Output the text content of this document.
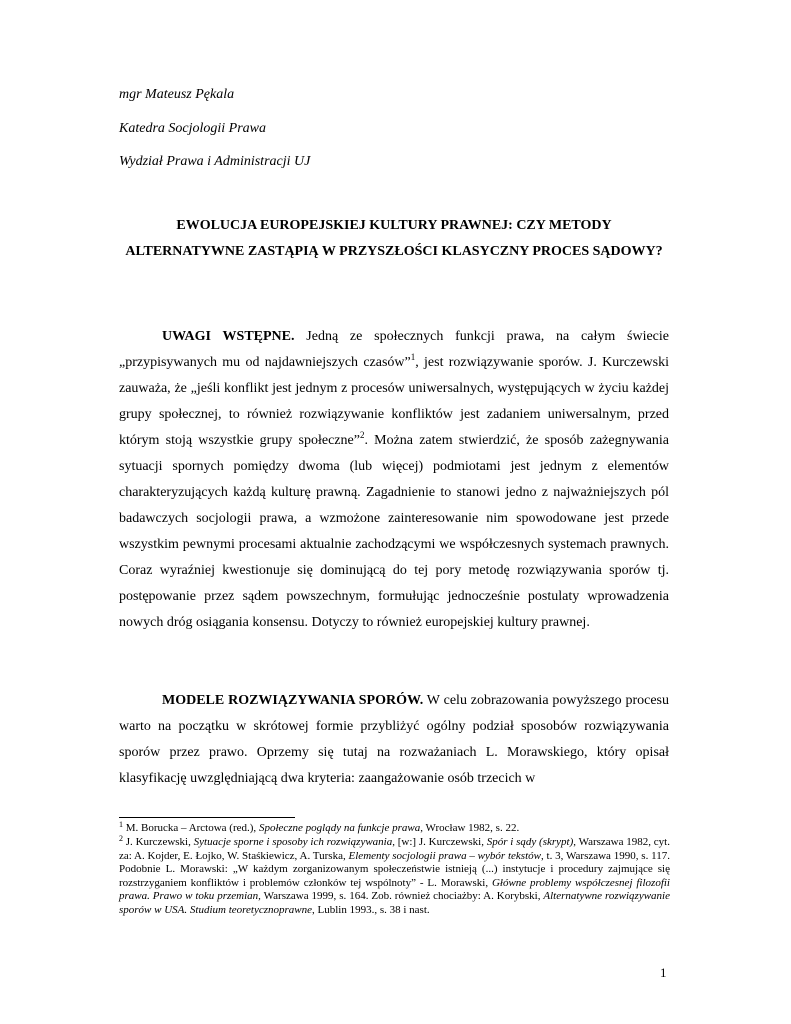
mgr Mateusz Pękala
Katedra Socjologii Prawa
Wydział Prawa i Administracji UJ
EWOLUCJA EUROPEJSKIEJ KULTURY PRAWNEJ: CZY METODY ALTERNATYWNE ZASTĄPIĄ W PRZYSZŁOŚCI KLASYCZNY PROCES SĄDOWY?

UWAGI WSTĘPNE. Jedną ze społecznych funkcji prawa, na całym świecie „przypisywanych mu od najdawniejszych czasów”$^1$, jest rozwiązywanie sporów. J. Kurczewski zauważa, że „jeśli konflikt jest jednym z procesów uniwersalnych, występujących w życiu każdej grupy społecznej, to również rozwiązywanie konfliktów jest zadaniem uniwersalnym, przed którym stoją wszystkie grupy społeczne”$^2$. Można zatem stwierdzić, że sposób zażegnywania sytuacji spornych pomiędzy dwoma (lub więcej) podmiotami jest jednym z elementów charakteryzujących każdą kulturę prawną. Zagadnienie to stanowi jedno z najważniejszych pól badawczych socjologii prawa, a wzmożone zainteresowanie nim spowodowane jest przede wszystkim pewnymi procesami aktualnie zachodzącymi we współczesnych systemach prawnych. Coraz wyraźniej kwestionuje się dominującą do tej pory metodę rozwiązywania sporów tj. postępowanie przez sądem powszechnym, formułując jednocześnie postulaty wprowadzenia nowych dróg osiągania konsensu. Dotyczy to również europejskiej kultury prawnej.

MODELE ROZWIĄZYWANIA SPORÓW. W celu zobrazowania powyższego procesu warto na początku w skrótowej formie przybliżyć ogólny podział sposobów rozwiązywania sporów przez prawo. Oprzemy się tutaj na rozważaniach L. Morawskiego, który opisał klasyfikację uwzględniającą dwa kryteria: zaangażowanie osób trzecich w

$^1$ M. Borucka – Arctowa (red.), Społeczne poglądy na funkcje prawa, Wrocław 1982, s. 22.

$^2$ J. Kurczewski, Sytuacje sporne i sposoby ich rozwiązywania, [w:] J. Kurczewski, Spór i sądy (skrypt), Warszawa 1982, cyt. za: A. Kojder, E. Łojko, W. Staśkiewicz, A. Turska, Elementy socjologii prawa – wybór tekstów, t. 3, Warszawa 1990, s. 117. Podobnie L. Morawski: „W każdym zorganizowanym społeczeństwie istnieją (...) instytucje i procedury zajmujące się rozstrzyganiem konfliktów i problemów członków tej wspólnoty” - L. Morawski, Główne problemy współczesnej filozofii prawa. Prawo w toku przemian, Warszawa 1999, s. 164. Zob. również chociażby: A. Korybski, Alternatywne rozwiązywanie sporów w USA. Studium teoretycznoprawne, Lublin 1993., s. 38 i nast.

1
